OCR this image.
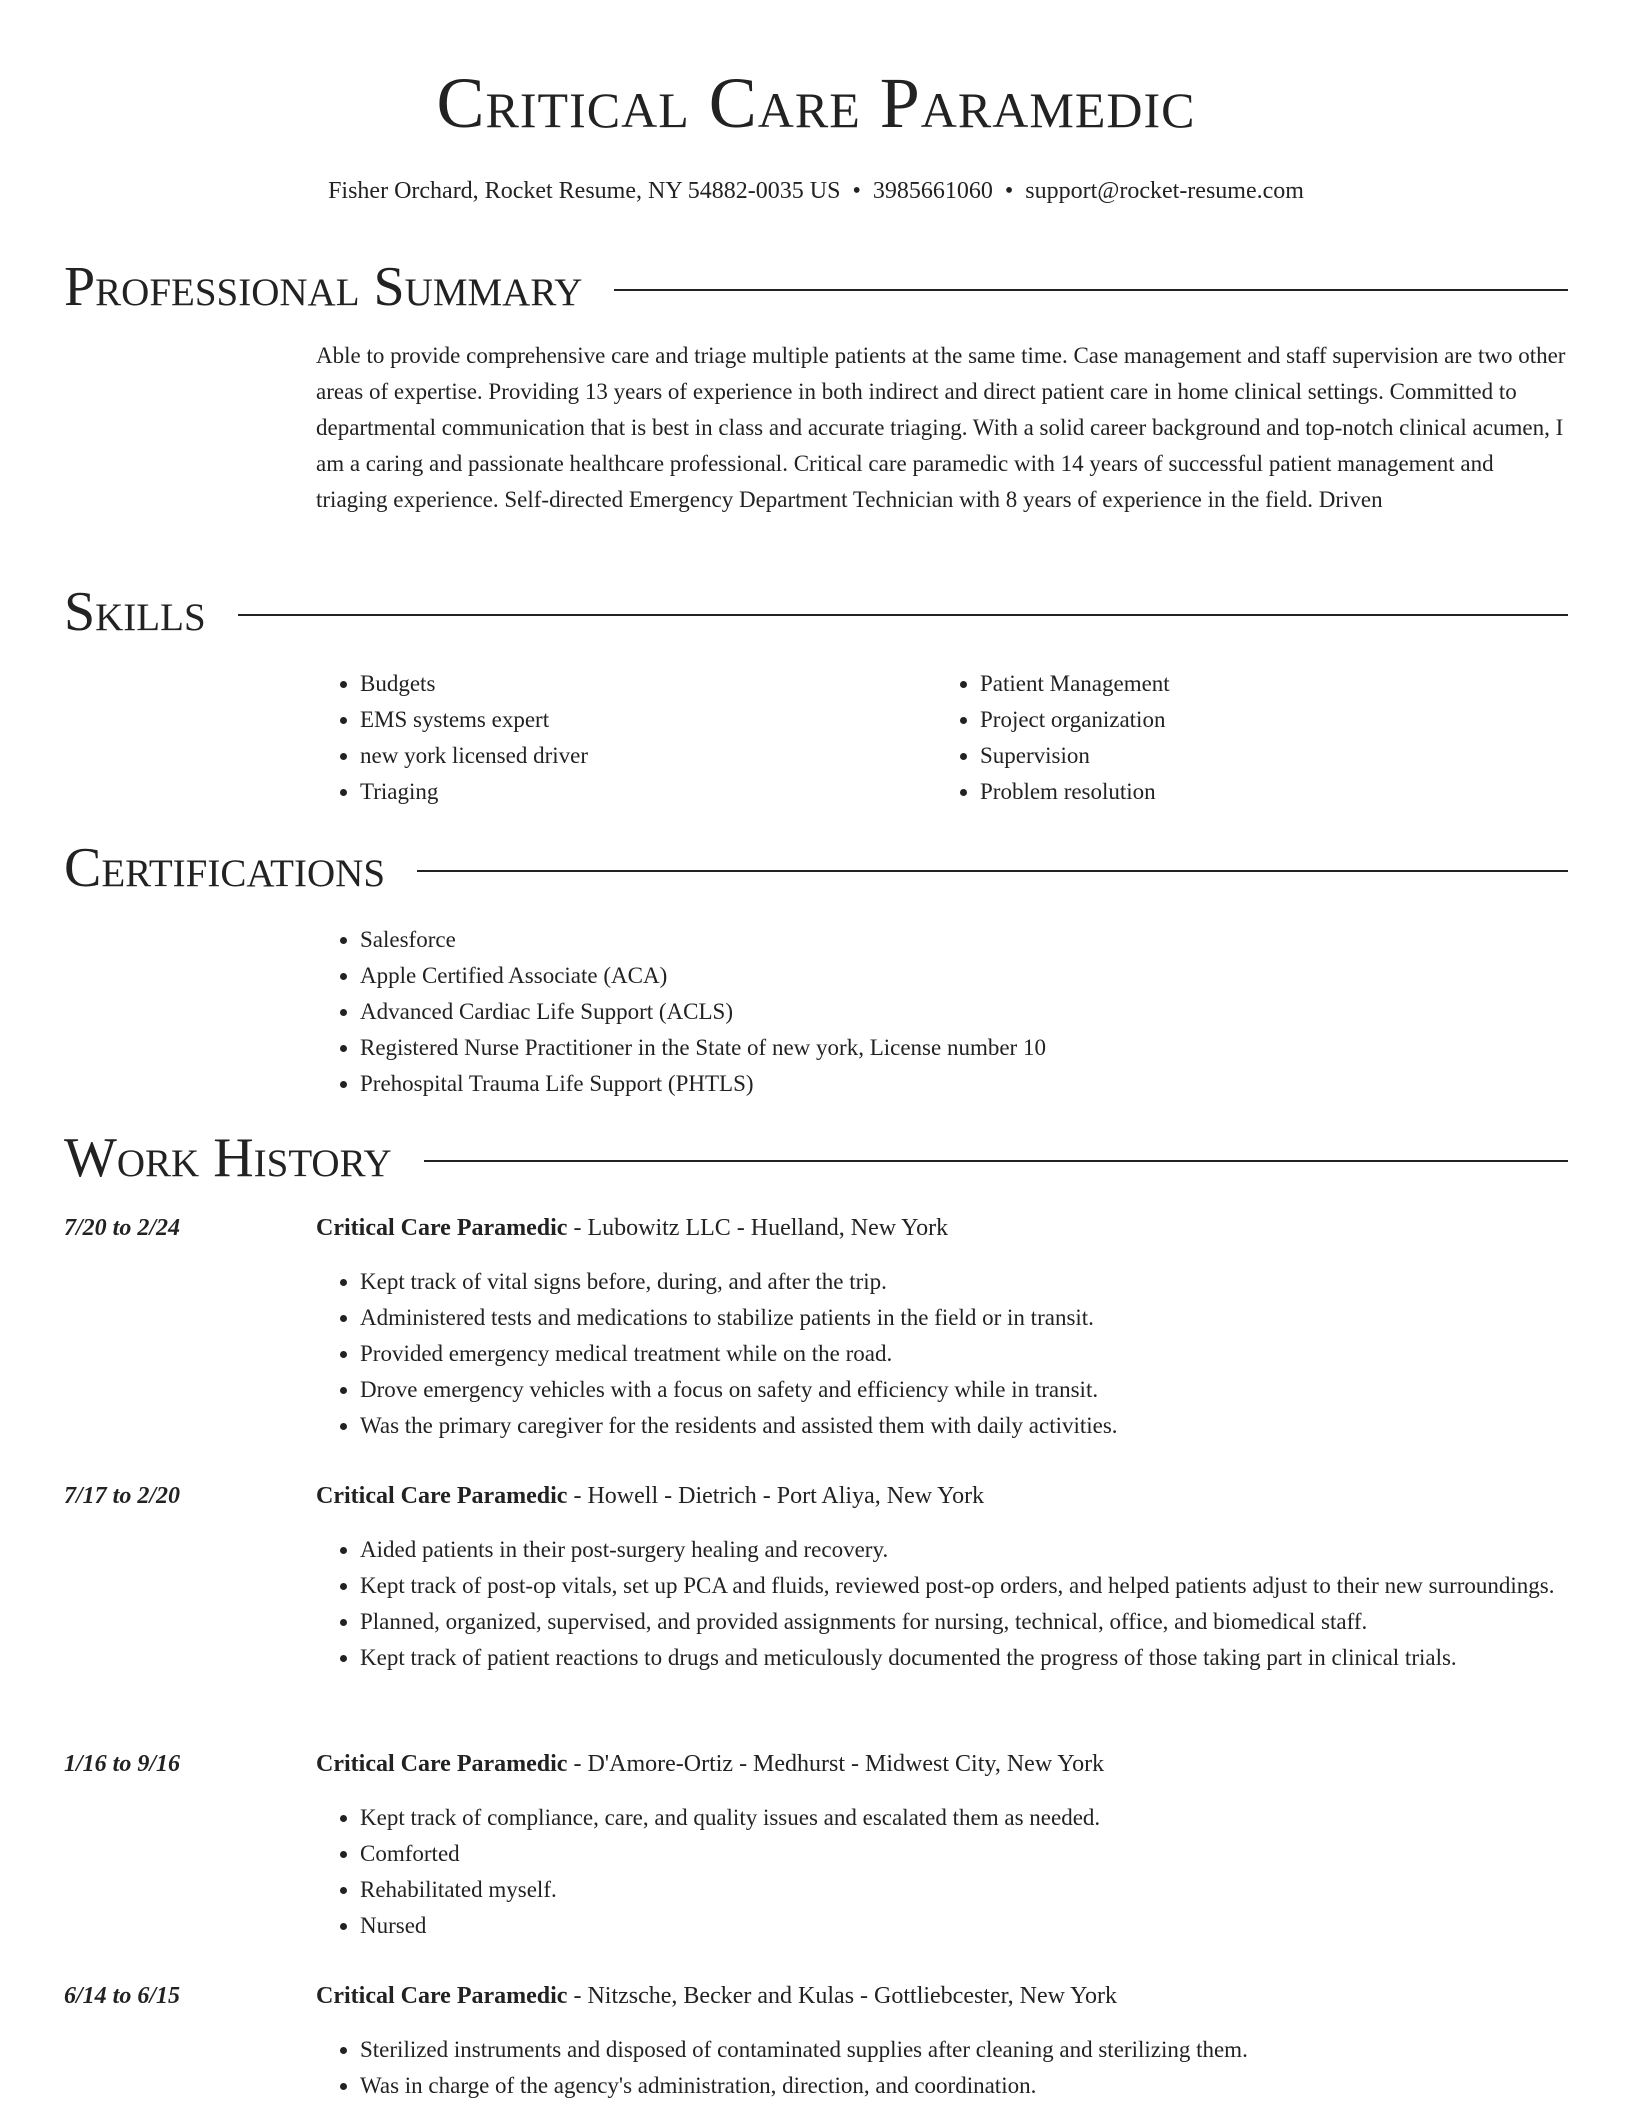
Critical Care Paramedic
Fisher Orchard, Rocket Resume, NY 54882-0035 US • 3985661060 • support@rocket-resume.com
Professional Summary

Able to provide comprehensive care and triage multiple patients at the same time. Case management and staff supervision are two other areas of expertise. Providing 13 years of experience in both indirect and direct patient care in home clinical settings. Committed to departmental communication that is best in class and accurate triaging. With a solid career background and top-notch clinical acumen, I am a caring and passionate healthcare professional. Critical care paramedic with 14 years of successful patient management and triaging experience. Self-directed Emergency Department Technician with 8 years of experience in the field. Driven

Skills
• Budgets
• EMS systems expert
• new york licensed driver
• Triaging
• Patient Management
• Project organization
• Supervision
• Problem resolution
Certifications
• Salesforce
• Apple Certified Associate (ACA)
• Advanced Cardiac Life Support (ACLS)
• Registered Nurse Practitioner in the State of new york, License number 10
• Prehospital Trauma Life Support (PHTLS)
Work History
7/20 to 2/24	Critical Care Paramedic - Lubowitz LLC - Huelland, New York
• Kept track of vital signs before, during, and after the trip.
• Administered tests and medications to stabilize patients in the field or in transit.
• Provided emergency medical treatment while on the road.
• Drove emergency vehicles with a focus on safety and efficiency while in transit.
• Was the primary caregiver for the residents and assisted them with daily activities.
7/17 to 2/20	Critical Care Paramedic - Howell - Dietrich - Port Aliya, New York
• Aided patients in their post-surgery healing and recovery.
• Kept track of post-op vitals, set up PCA and fluids, reviewed post-op orders, and helped patients adjust to their new surroundings.
• Planned, organized, supervised, and provided assignments for nursing, technical, office, and biomedical staff.
• Kept track of patient reactions to drugs and meticulously documented the progress of those taking part in clinical trials.
1/16 to 9/16	Critical Care Paramedic - D'Amore-Ortiz - Medhurst - Midwest City, New York
• Kept track of compliance, care, and quality issues and escalated them as needed.
• Comforted
• Rehabilitated myself.
• Nursed
6/14 to 6/15	Critical Care Paramedic - Nitzsche, Becker and Kulas - Gottliebcester, New York
• Sterilized instruments and disposed of contaminated supplies after cleaning and sterilizing them.
• Was in charge of the agency's administration, direction, and coordination.
